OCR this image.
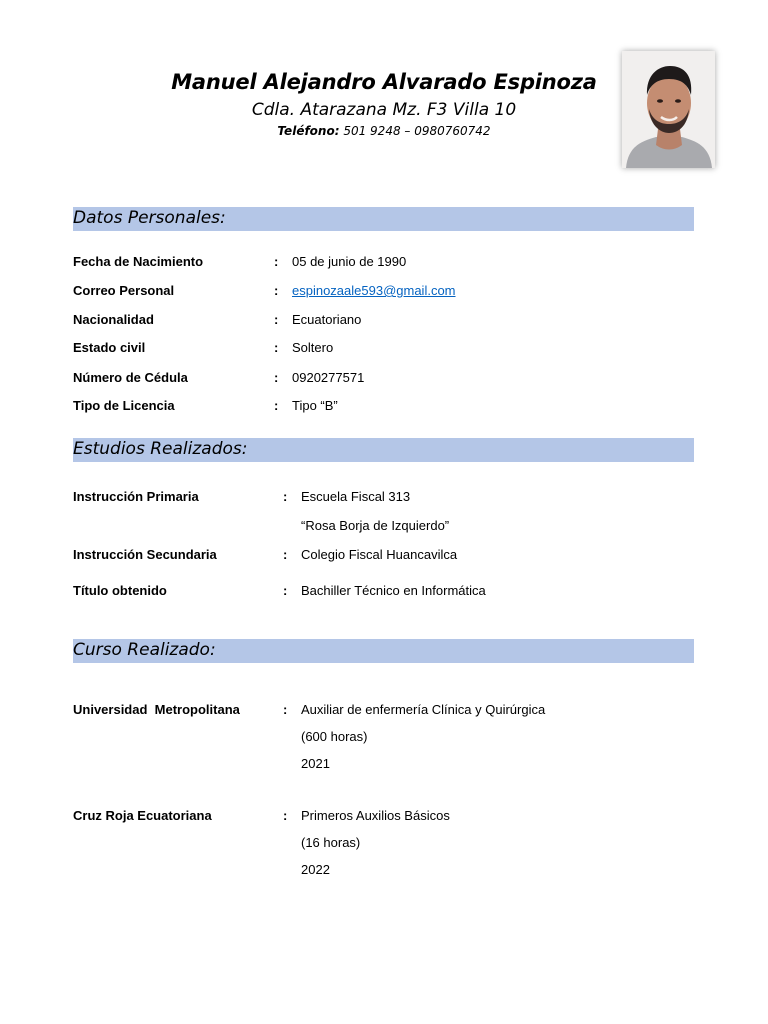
Manuel Alejandro Alvarado Espinoza
Cdla. Atarazana Mz. F3 Villa 10
Teléfono: 501 9248 – 0980760742
Datos Personales:
Fecha de Nacimiento	: 05 de junio de 1990
Correo Personal	: espinozaale593@gmail.com
Nacionalidad	: Ecuatoriano
Estado civil	: Soltero
Número de Cédula	: 0920277571
Tipo de Licencia	: Tipo “B”
Estudios Realizados:
Instrucción Primaria	: Escuela Fiscal 313
“Rosa Borja de Izquierdo”
Instrucción Secundaria	: Colegio Fiscal Huancavilca
Título obtenido	: Bachiller Técnico en Informática
Curso Realizado:
Universidad  Metropolitana	: Auxiliar de enfermería Clínica y Quirúrgica
(600 horas)
2021
Cruz Roja Ecuatoriana	: Primeros Auxilios Básicos
(16 horas)
2022
